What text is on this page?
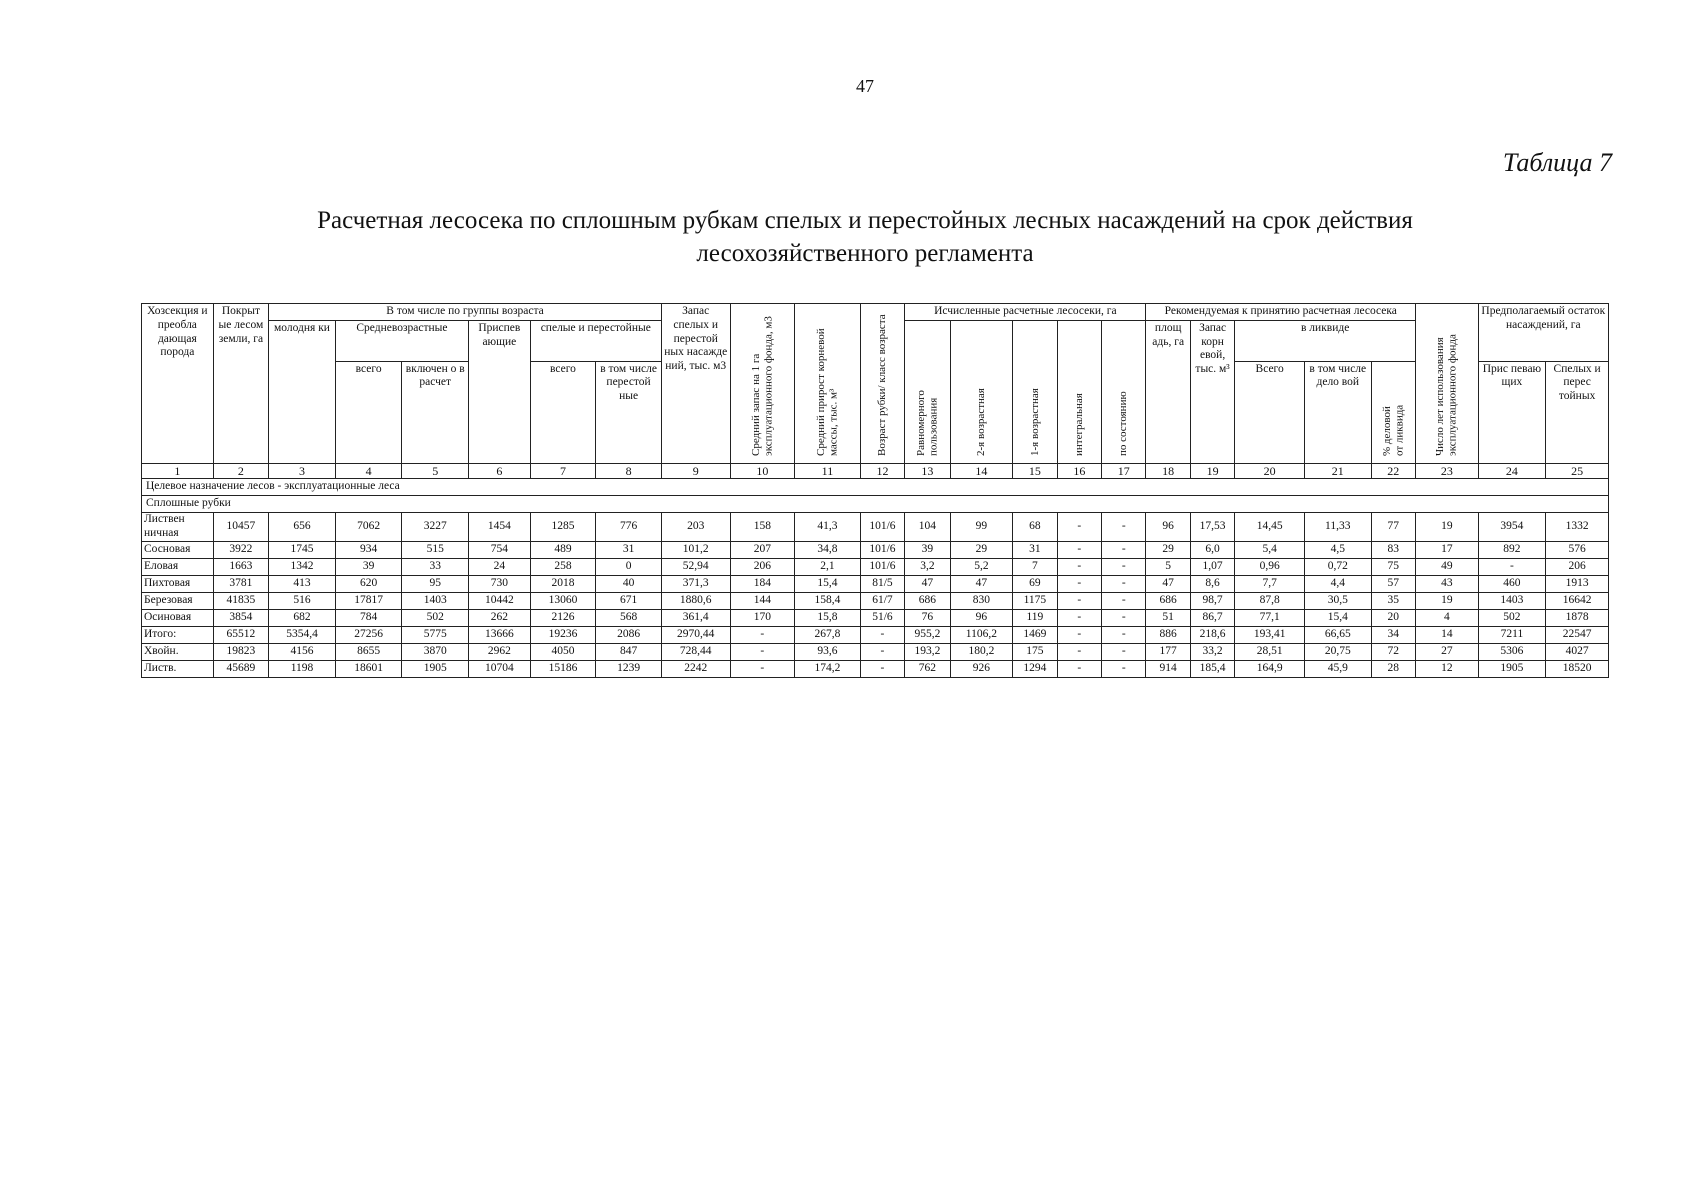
47
Таблица 7
Расчетная лесосека по сплошным рубкам спелых и перестойных лесных насаждений на срок действия
лесохозяйственного регламента
Хозсекция и преобла дающая порода	Покрыт ые лесом земли, га	В том числе по группы возраста						Запас спелых и перестой ных насажде ний, тыс. м3	Средний запас на 1 га эксплуатационного фонда, м3	Средний прирост корневой массы, тыс. м³	Возраст рубки/ класс возраста	Исчисленные расчетные лесосеки, га					Рекомендуемая к принятию расчетная лесосека					Число лет использования эксплуатационного фонда	Предполагаемый остаток насаждений, га	
		молодня ки	Средневозрастные		Приспев ающие	спелые и перестойные						Равномерного пользования	2-я возрастная	1-я возрастная	интегральная	по состоянию	площ адь, га	Запас корн евой, тыс. м³	в ликвиде					
			всего	включен о в расчет		всего	в том числе перестой ные												Всего	в том числе дело вой	% деловой от ликвида		Прис певаю щих	Спелых и перес тойных

1	2	3	4	5	6	7	8	9	10	11	12	13	14	15	16	17	18	19	20	21	22	23	24	25
Целевое назначение лесов - эксплуатационные леса																								
Сплошные рубки																								
Листвен ничная	10457	656	7062	3227	1454	1285	776	203	158	41,3	101/6	104	99	68	-	-	96	17,53	14,45	11,33	77	19	3954	1332
Сосновая	3922	1745	934	515	754	489	31	101,2	207	34,8	101/6	39	29	31	-	-	29	6,0	5,4	4,5	83	17	892	576
Еловая	1663	1342	39	33	24	258	0	52,94	206	2,1	101/6	3,2	5,2	7	-	-	5	1,07	0,96	0,72	75	49	-	206
Пихтовая	3781	413	620	95	730	2018	40	371,3	184	15,4	81/5	47	47	69	-	-	47	8,6	7,7	4,4	57	43	460	1913
Березовая	41835	516	17817	1403	10442	13060	671	1880,6	144	158,4	61/7	686	830	1175	-	-	686	98,7	87,8	30,5	35	19	1403	16642
Осиновая	3854	682	784	502	262	2126	568	361,4	170	15,8	51/6	76	96	119	-	-	51	86,7	77,1	15,4	20	4	502	1878
Итого:	65512	5354,4	27256	5775	13666	19236	2086	2970,44	-	267,8	-	955,2	1106,2	1469	-	-	886	218,6	193,41	66,65	34	14	7211	22547
Хвойн.	19823	4156	8655	3870	2962	4050	847	728,44	-	93,6	-	193,2	180,2	175	-	-	177	33,2	28,51	20,75	72	27	5306	4027
Листв.	45689	1198	18601	1905	10704	15186	1239	2242	-	174,2	-	762	926	1294	-	-	914	185,4	164,9	45,9	28	12	1905	18520
